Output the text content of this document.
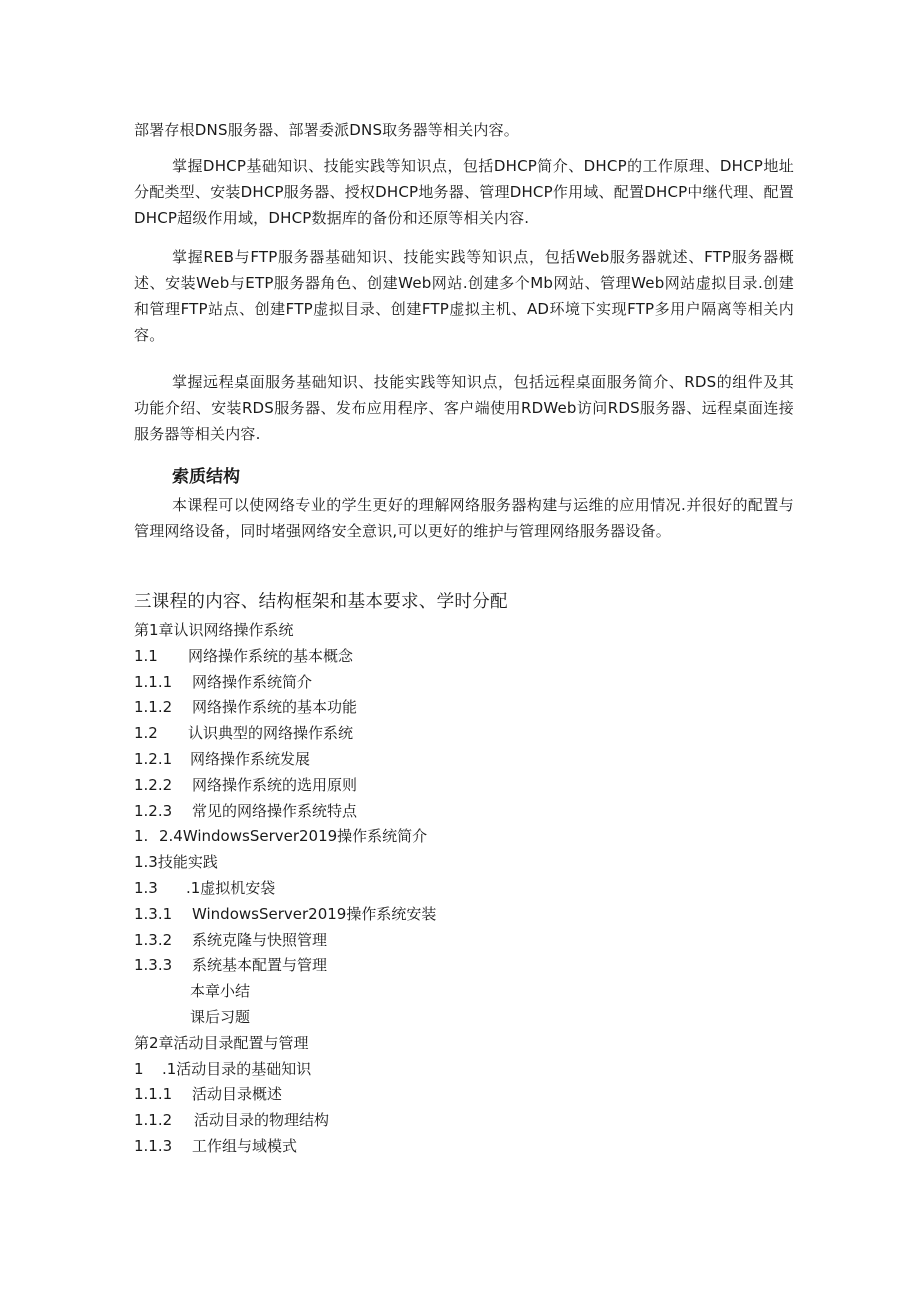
部署存根DNS服务器、部署委派DNS取务器等相关内容。

掌握DHCP基础知识、技能实践等知识点，包括DHCP简介、DHCP的工作原理、DHCP地址分配类型、安装DHCP服务器、授权DHCP地务器、管理DHCP作用域、配置DHCP中继代理、配置DHCP超级作用域，DHCP数据库的备份和还原等相关内容.

掌握REB与FTP服务器基础知识、技能实践等知识点，包括Web服务器就述、FTP服务器概述、安装Web与ETP服务器角色、创建Web网站.创建多个Mb网站、管理Web网站虚拟目录.创建和管理FTP站点、创建FTP虚拟目录、创建FTP虚拟主机、AD环境下实现FTP多用户隔离等相关内容。

掌握远程桌面服务基础知识、技能实践等知识点，包括远程桌面服务简介、RDS的组件及其功能介绍、安装RDS服务器、发布应用程序、客户端使用RDWeb访问RDS服务器、远程桌面连接服务器等相关内容.

索质结构

本课程可以使网络专业的学生更好的理解网络服务器构建与运维的应用情况.并很好的配置与管理网络设备，同时堵强网络安全意识,可以更好的维护与管理网络服务器设备。

三课程的内容、结构框架和基本要求、学时分配
第1章认识网络操作系统
1.1 网络操作系统的基本概念
1.1.1 网络操作系统简介
1.1.2 网络操作系统的基本功能
1.2 认识典型的网络操作系统
1.2.1 网络操作系统发展
1.2.2 网络操作系统的选用原则
1.2.3 常见的网络操作系统特点
1. 2.4WindowsServer2019操作系统简介
1.3技能实践
1.3 .1虚拟机安袋
1.3.1 WindowsServer2019操作系统安装
1.3.2 系统克隆与快照管理
1.3.3 系统基本配置与管理
本章小结
课后习题
第2章活动目录配置与管理
1 .1活动目录的基础知识
1.1.1 活动目录概述
1.1.2 活动目录的物理结构
1.1.3 工作组与域模式
